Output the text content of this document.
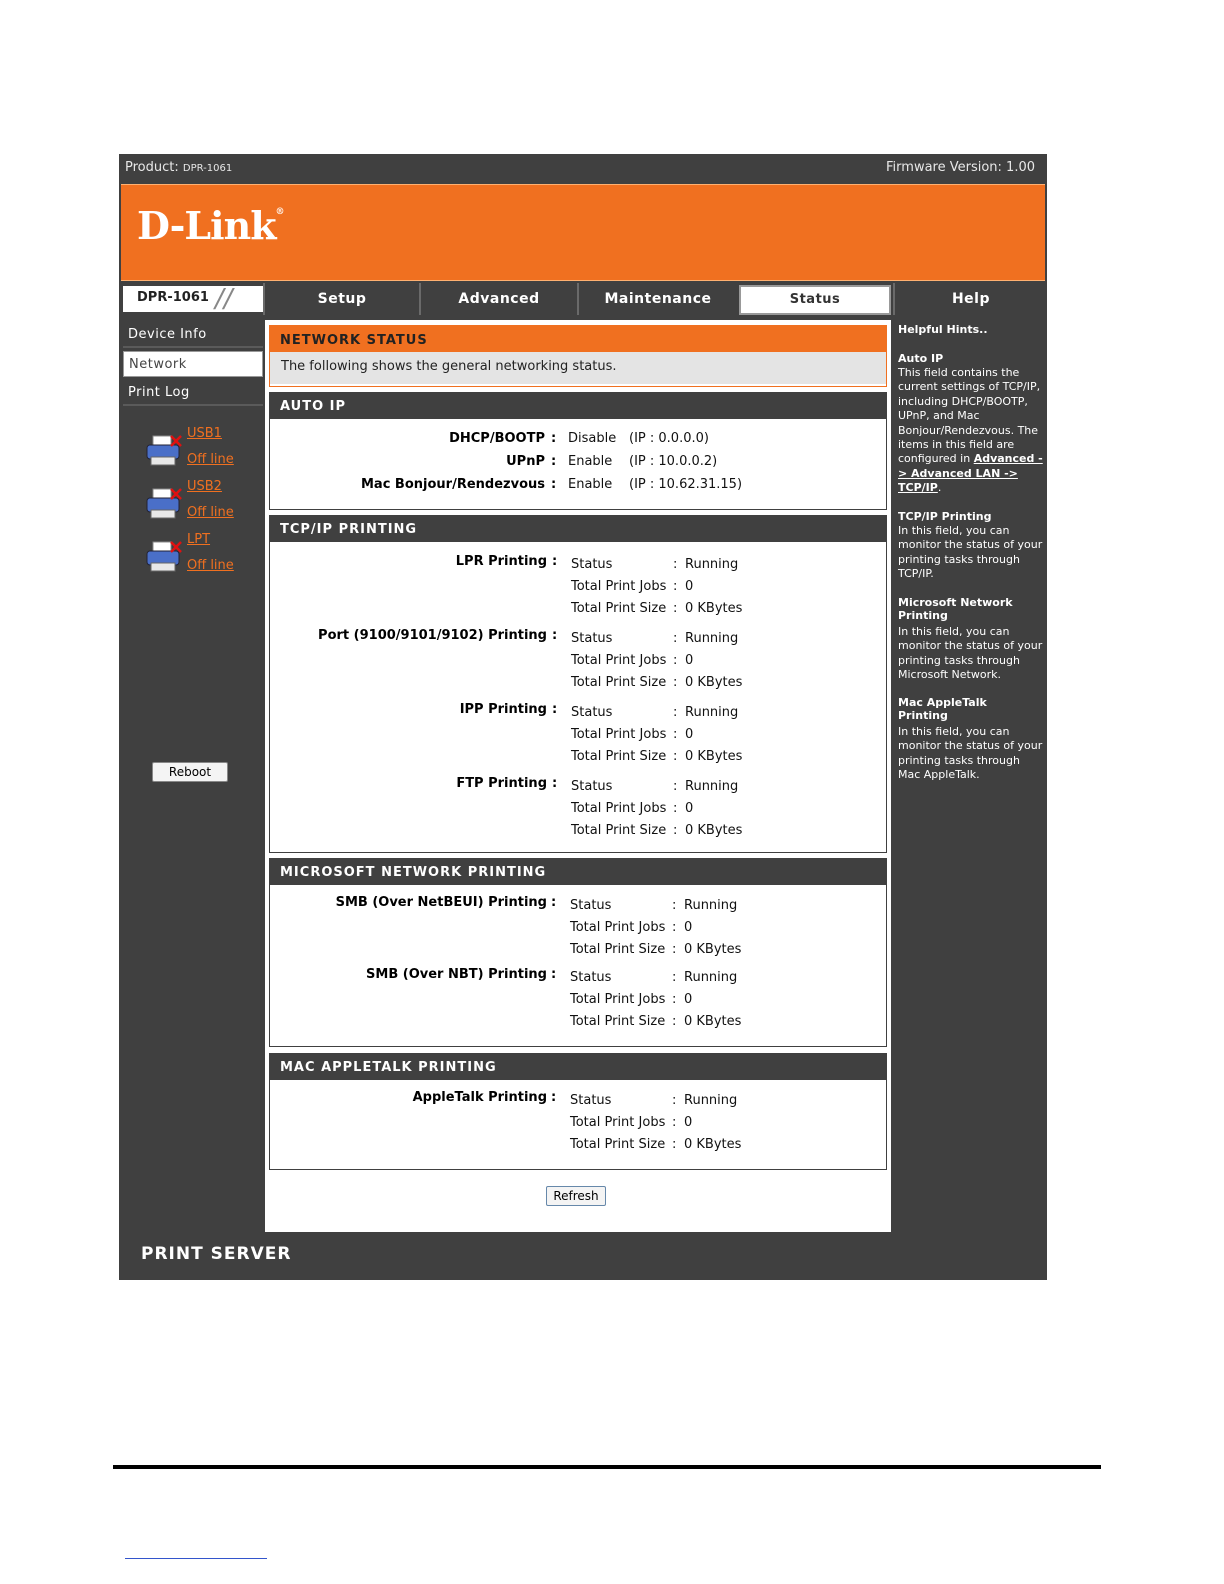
Product: DPR-1061	Firmware Version: 1.00
D-Link®
DPR-1061 //	Setup	Advanced	Maintenance	Status	Help
Device Info
Network
Print Log
USB1
Off line
USB2
Off line
LPT
Off line
Reboot
NETWORK STATUS
The following shows the general networking status.
AUTO IP
DHCP/BOOTP : Disable (IP : 0.0.0.0)
UPnP : Enable (IP : 10.0.0.2)
Mac Bonjour/Rendezvous : Enable (IP : 10.62.31.15)
TCP/IP PRINTING
LPR Printing : Status	: Running
Total Print Jobs : 0
Total Print Size : 0 KBytes
Port (9100/9101/9102) Printing : Status	: Running
Total Print Jobs : 0
Total Print Size : 0 KBytes
IPP Printing : Status	: Running
Total Print Jobs : 0
Total Print Size : 0 KBytes
FTP Printing : Status	: Running
Total Print Jobs : 0
Total Print Size : 0 KBytes
MICROSOFT NETWORK PRINTING
SMB (Over NetBEUI) Printing : Status	: Running
Total Print Jobs : 0
Total Print Size : 0 KBytes
SMB (Over NBT) Printing : Status	: Running
Total Print Jobs : 0
Total Print Size : 0 KBytes
MAC APPLETALK PRINTING
AppleTalk Printing : Status	: Running
Total Print Jobs : 0
Total Print Size : 0 KBytes
Refresh
Helpful Hints..
Auto IP

This field contains the current settings of TCP/IP, including DHCP/BOOTP, UPnP, and Mac Bonjour/Rendezvous. The items in this field are configured in Advanced -> Advanced LAN -> TCP/IP.

TCP/IP Printing

In this field, you can monitor the status of your printing tasks through TCP/IP.

Microsoft Network Printing

In this field, you can monitor the status of your printing tasks through Microsoft Network.

Mac AppleTalk Printing

In this field, you can monitor the status of your printing tasks through Mac AppleTalk.

PRINT SERVER
